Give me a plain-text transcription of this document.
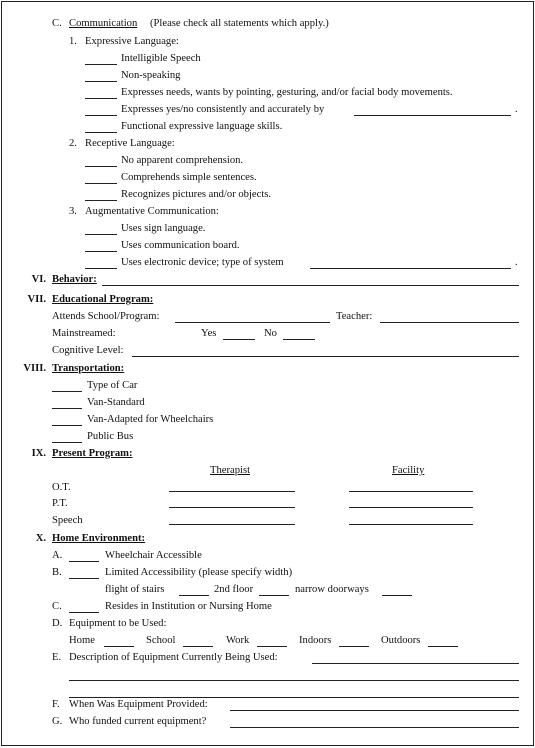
C. Communication (Please check all statements which apply.)
1. Expressive Language:
Intelligible Speech
Non-speaking
Expresses needs, wants by pointing, gesturing, and/or facial body movements.
Expresses yes/no consistently and accurately by	.
Functional expressive language skills.
2. Receptive Language:
No apparent comprehension.
Comprehends simple sentences.
Recognizes pictures and/or objects.
3. Augmentative Communication:
Uses sign language.
Uses communication board.
Uses electronic device; type of system	.
VI. Behavior:
VII. Educational Program:
Attends School/Program:	Teacher:
Mainstreamed:	Yes	No
Cognitive Level:
VIII. Transportation:
Type of Car
Van-Standard
Van-Adapted for Wheelchairs
Public Bus
IX. Present Program:
Therapist	Facility
O.T.
P.T.
Speech
X. Home Environment:
A.	Wheelchair Accessible
B.	Limited Accessibility (please specify width)
flight of stairs	2nd floor	narrow doorways
C.	Resides in Institution or Nursing Home
D. Equipment to be Used:
Home	School	Work	Indoors	Outdoors
E. Description of Equipment Currently Being Used:
F. When Was Equipment Provided:
G. Who funded current equipment?
